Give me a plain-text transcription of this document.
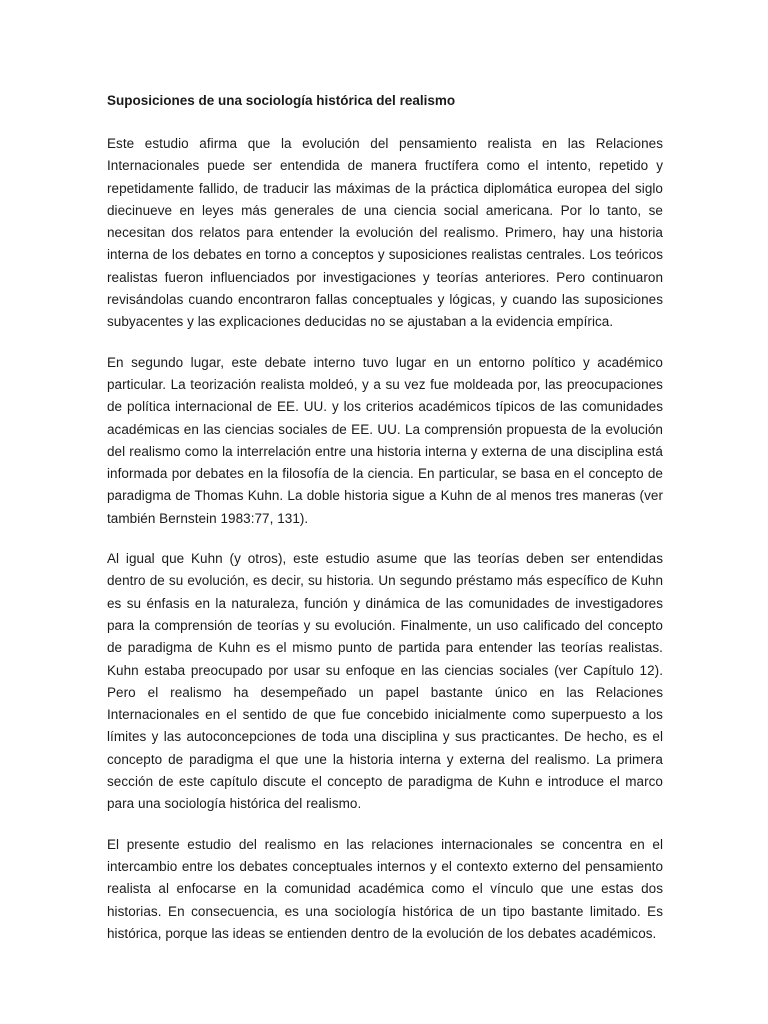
Suposiciones de una sociología histórica del realismo

Este estudio afirma que la evolución del pensamiento realista en las Relaciones Internacionales puede ser entendida de manera fructífera como el intento, repetido y repetidamente fallido, de traducir las máximas de la práctica diplomática europea del siglo diecinueve en leyes más generales de una ciencia social americana. Por lo tanto, se necesitan dos relatos para entender la evolución del realismo. Primero, hay una historia interna de los debates en torno a conceptos y suposiciones realistas centrales. Los teóricos realistas fueron influenciados por investigaciones y teorías anteriores. Pero continuaron revisándolas cuando encontraron fallas conceptuales y lógicas, y cuando las suposiciones subyacentes y las explicaciones deducidas no se ajustaban a la evidencia empírica.

En segundo lugar, este debate interno tuvo lugar en un entorno político y académico particular. La teorización realista moldeó, y a su vez fue moldeada por, las preocupaciones de política internacional de EE. UU. y los criterios académicos típicos de las comunidades académicas en las ciencias sociales de EE. UU. La comprensión propuesta de la evolución del realismo como la interrelación entre una historia interna y externa de una disciplina está informada por debates en la filosofía de la ciencia. En particular, se basa en el concepto de paradigma de Thomas Kuhn. La doble historia sigue a Kuhn de al menos tres maneras (ver también Bernstein 1983:77, 131).

Al igual que Kuhn (y otros), este estudio asume que las teorías deben ser entendidas dentro de su evolución, es decir, su historia. Un segundo préstamo más específico de Kuhn es su énfasis en la naturaleza, función y dinámica de las comunidades de investigadores para la comprensión de teorías y su evolución. Finalmente, un uso calificado del concepto de paradigma de Kuhn es el mismo punto de partida para entender las teorías realistas. Kuhn estaba preocupado por usar su enfoque en las ciencias sociales (ver Capítulo 12). Pero el realismo ha desempeñado un papel bastante único en las Relaciones Internacionales en el sentido de que fue concebido inicialmente como superpuesto a los límites y las autoconcepciones de toda una disciplina y sus practicantes. De hecho, es el concepto de paradigma el que une la historia interna y externa del realismo. La primera sección de este capítulo discute el concepto de paradigma de Kuhn e introduce el marco para una sociología histórica del realismo.

El presente estudio del realismo en las relaciones internacionales se concentra en el intercambio entre los debates conceptuales internos y el contexto externo del pensamiento realista al enfocarse en la comunidad académica como el vínculo que une estas dos historias. En consecuencia, es una sociología histórica de un tipo bastante limitado. Es histórica, porque las ideas se entienden dentro de la evolución de los debates académicos.
